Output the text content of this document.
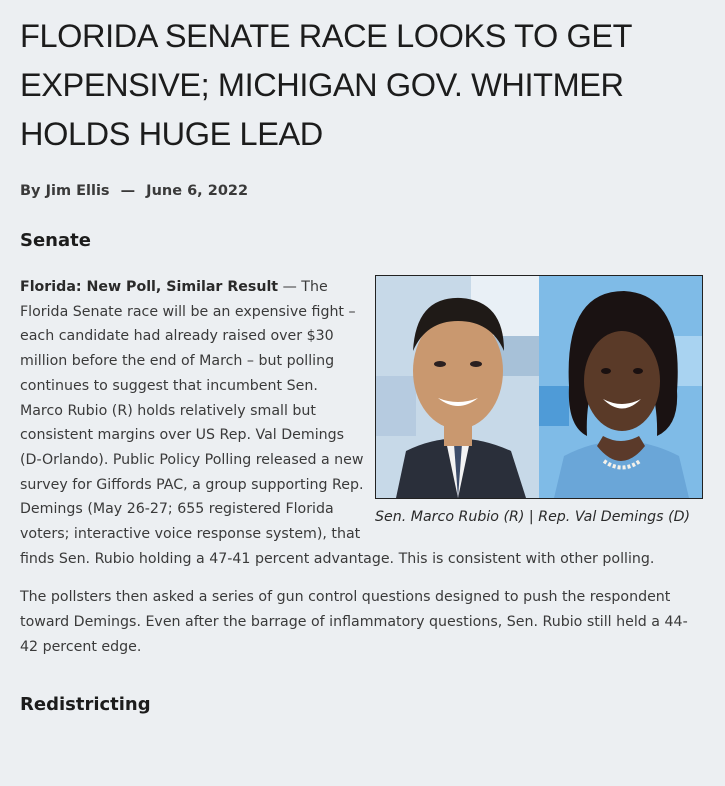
FLORIDA SENATE RACE LOOKS TO GET EXPENSIVE; MICHIGAN GOV. WHITMER HOLDS HUGE LEAD
By Jim Ellis — June 6, 2022
Senate
Sen. Marco Rubio (R) | Rep. Val Demings (D)
Florida: New Poll, Similar Result — The Florida Senate race will be an expensive fight – each candidate had already raised over $30 million before the end of March – but polling continues to suggest that incumbent Sen. Marco Rubio (R) holds relatively small but consistent margins over US Rep. Val Demings (D-Orlando). Public Policy Polling released a new survey for Giffords PAC, a group supporting Rep. Demings (May 26-27; 655 registered Florida voters; interactive voice response system), that finds Sen. Rubio holding a 47-41 percent advantage. This is consistent with other polling.
The pollsters then asked a series of gun control questions designed to push the respondent toward Demings. Even after the barrage of inflammatory questions, Sen. Rubio still held a 44-42 percent edge.
Redistricting
